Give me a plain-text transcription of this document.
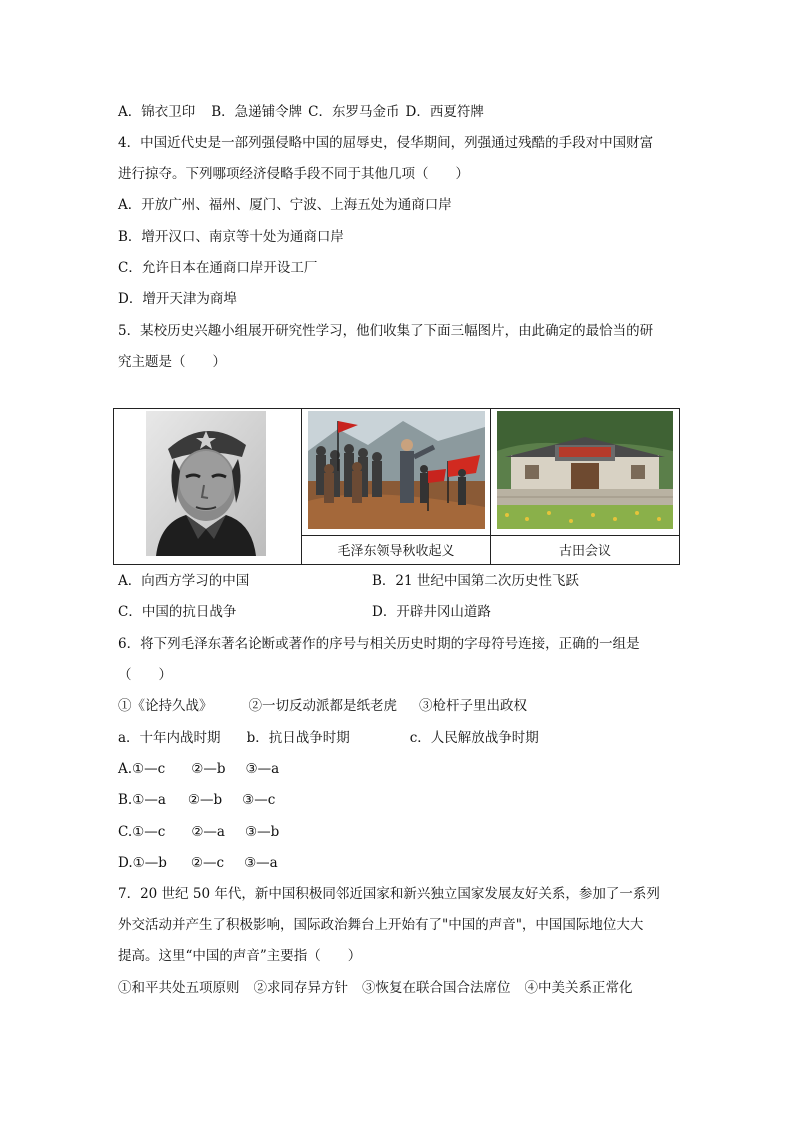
A．锦衣卫印 B．急递铺令牌 C．东罗马金币 D．西夏符牌
4．中国近代史是一部列强侵略中国的屈辱史，侵华期间，列强通过残酷的手段对中国财富
进行掠夺。下列哪项经济侵略手段不同于其他几项（　　）
A．开放广州、福州、厦门、宁波、上海五处为通商口岸
B．增开汉口、南京等十处为通商口岸
C．允许日本在通商口岸开设工厂
D．增开天津为商埠
5．某校历史兴趣小组展开研究性学习，他们收集了下面三幅图片，由此确定的最恰当的研
究主题是（　　）
毛泽东领导秋收起义	古田会议
A．向西方学习的中国	B．21 世纪中国第二次历史性飞跃
C．中国的抗日战争	D．开辟井冈山道路
6．将下列毛泽东著名论断或著作的序号与相关历史时期的字母符号连接，正确的一组是
（　　）
①《论持久战》	②一切反动派都是纸老虎 ③枪杆子里出政权
a．十年内战时期 b．抗日战争时期	c．人民解放战争时期
A.①—c ②—b ③—a
B.①—a ②—b ③—c
C.①—c ②—a ③—b
D.①—b ②—c ③—a
7．20 世纪 50 年代，新中国积极同邻近国家和新兴独立国家发展友好关系，参加了一系列
外交活动并产生了积极影响，国际政治舞台上开始有了"中国的声音"，中国国际地位大大
提高。这里“中国的声音”主要指（　　）
①和平共处五项原则 ②求同存异方针 ③恢复在联合国合法席位 ④中美关系正常化
